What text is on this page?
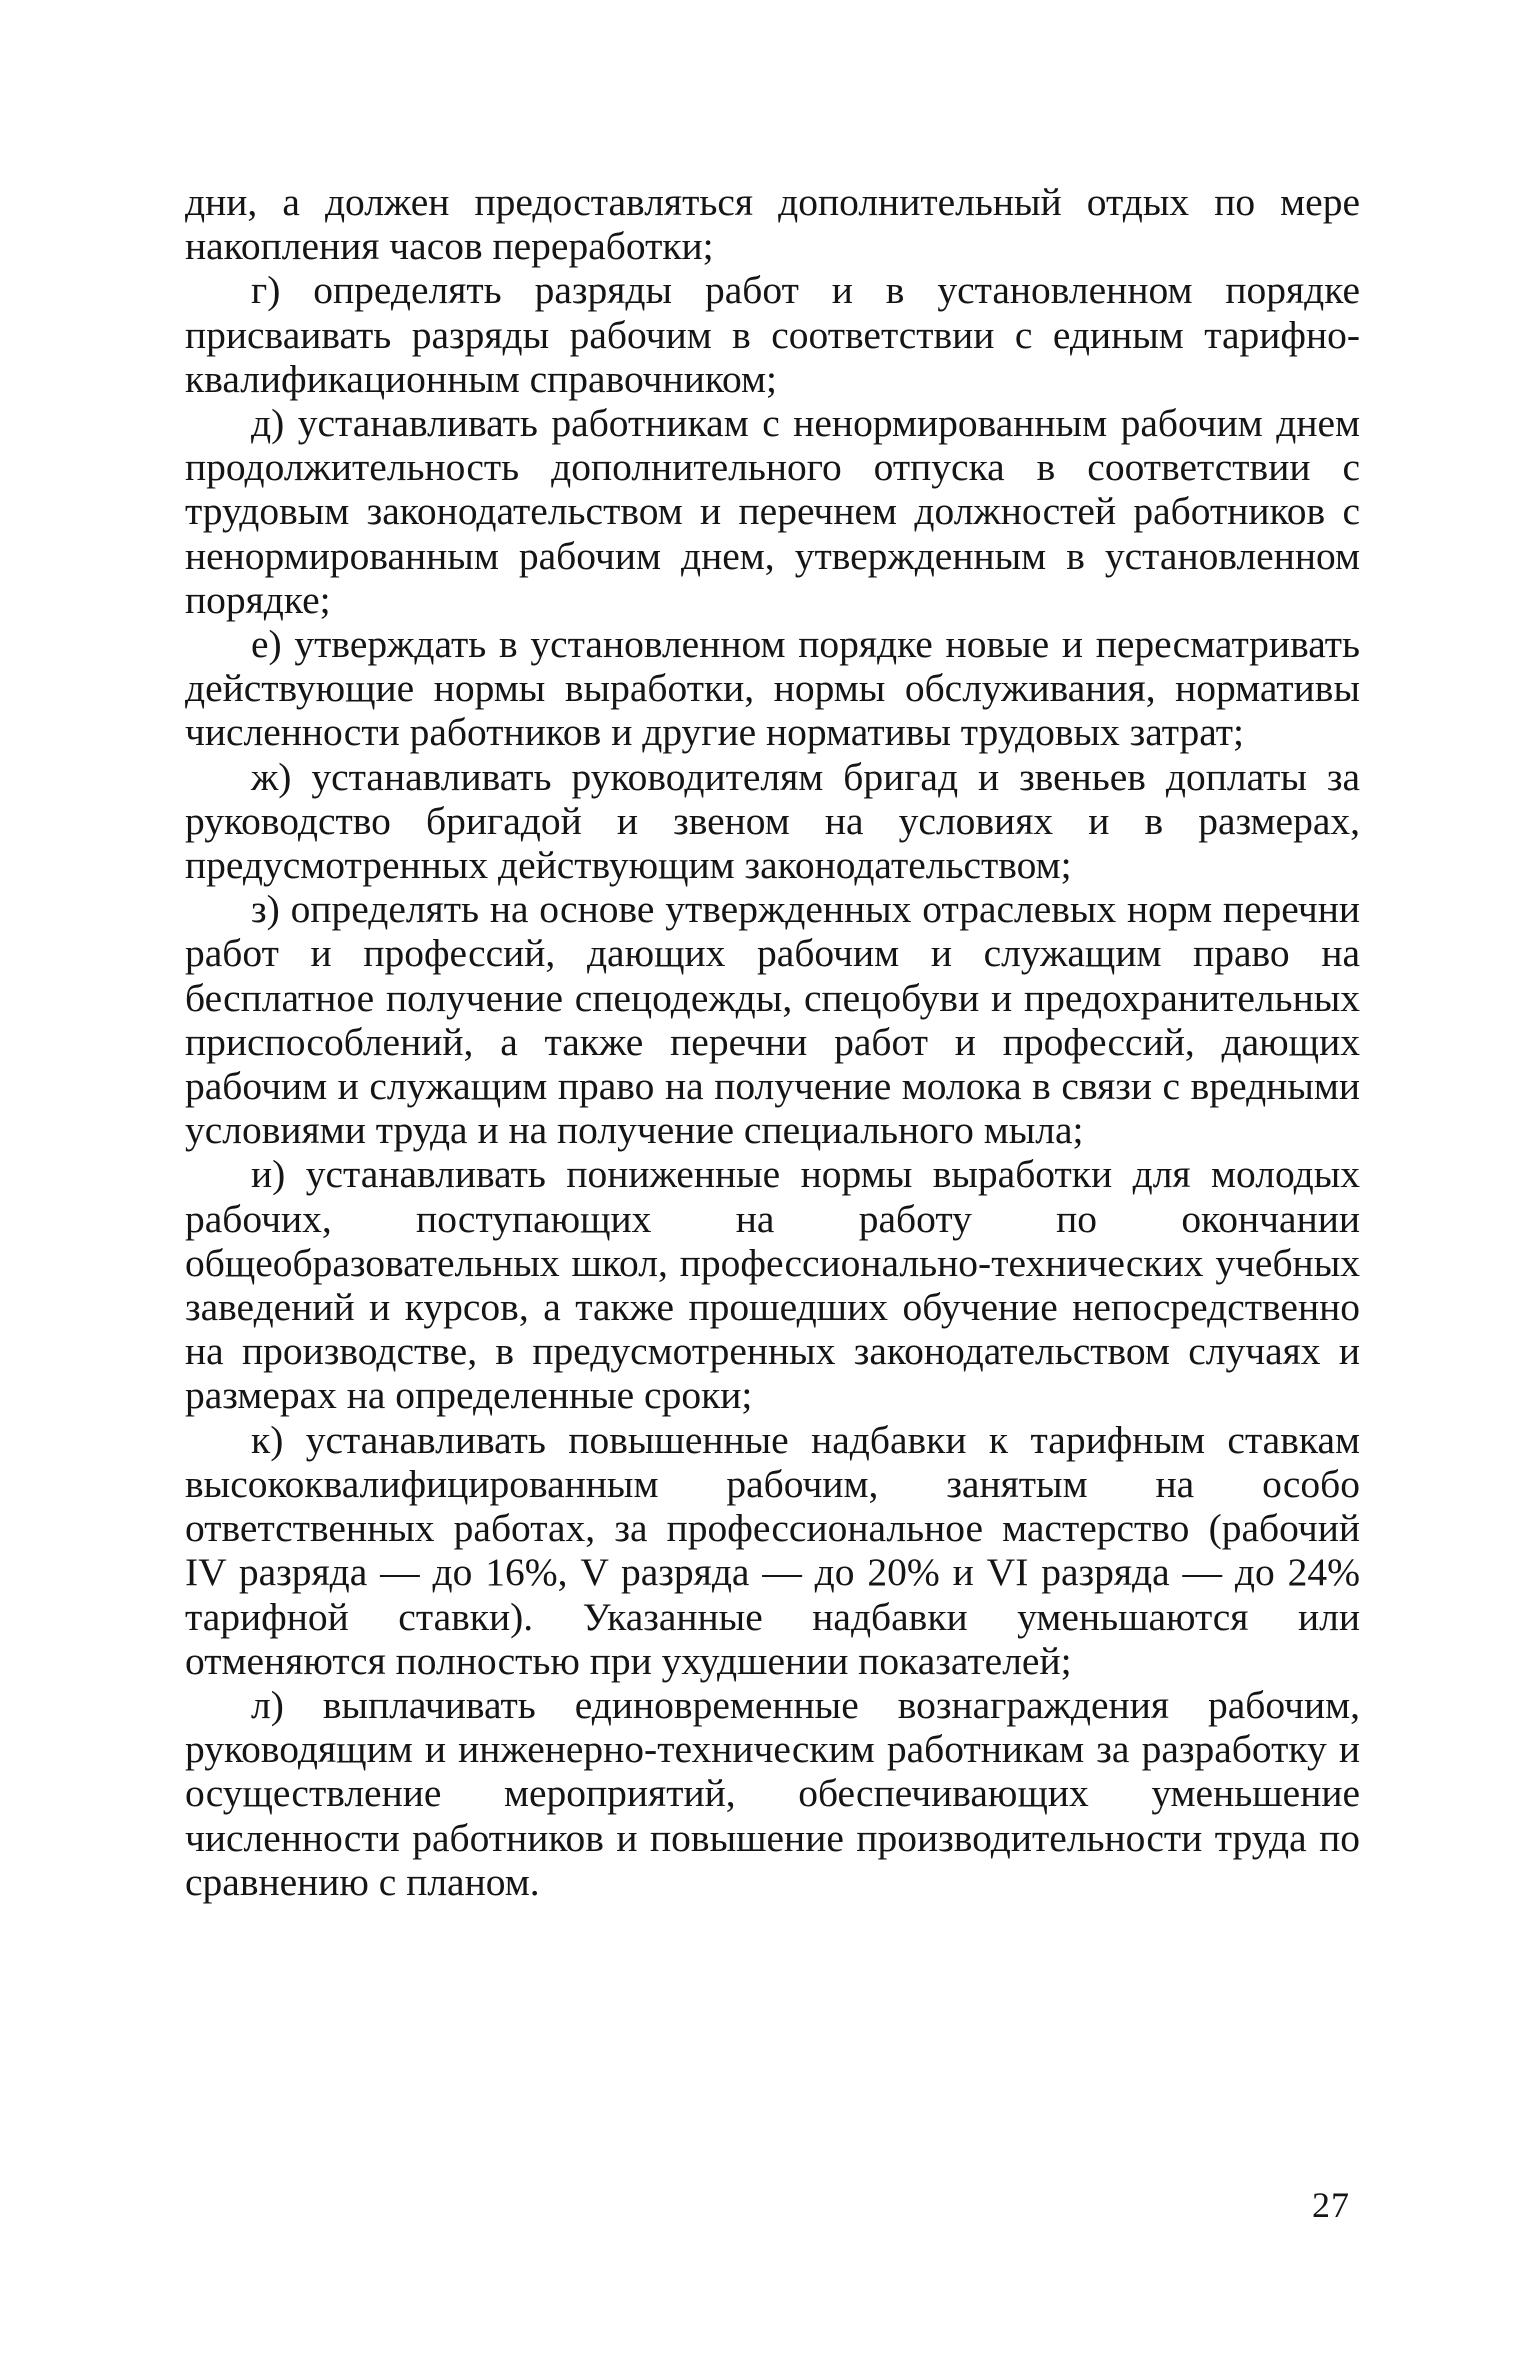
дни, а должен предоставляться дополнительный отдых по мере накопления часов переработки;

г) определять разряды работ и в установленном порядке присваивать разряды рабочим в соответствии с единым тарифно-квалификационным справочником;

д) устанавливать работникам с ненормированным рабочим днем продолжительность дополнительного отпуска в соответствии с трудовым законодательством и перечнем должностей работников с ненормированным рабочим днем, утвержденным в установленном порядке;

е) утверждать в установленном порядке новые и пересматривать действующие нормы выработки, нормы обслуживания, нормативы численности работников и другие нормативы трудовых затрат;

ж) устанавливать руководителям бригад и звеньев доплаты за руководство бригадой и звеном на условиях и в размерах, предусмотренных действующим законодательством;

з) определять на основе утвержденных отраслевых норм перечни работ и профессий, дающих рабочим и служащим право на бесплатное получение спецодежды, спецобуви и предохранительных приспособлений, а также перечни работ и профессий, дающих рабочим и служащим право на получение молока в связи с вредными условиями труда и на получение специального мыла;

и) устанавливать пониженные нормы выработки для молодых рабочих, поступающих на работу по окончании общеобразовательных школ, профессионально-технических учебных заведений и курсов, а также прошедших обучение непосредственно на производстве, в предусмотренных законодательством случаях и размерах на определенные сроки;

к) устанавливать повышенные надбавки к тарифным ставкам высококвалифицированным рабочим, занятым на особо ответственных работах, за профессиональное мастерство (рабочий IV разряда — до 16%, V разряда — до 20% и VI разряда — до 24% тарифной ставки). Указанные надбавки уменьшаются или отменяются полностью при ухудшении показателей;

л) выплачивать единовременные вознаграждения рабочим, руководящим и инженерно-техническим работникам за разработку и осуществление мероприятий, обеспечивающих уменьшение численности работников и повышение производительности труда по сравнению с планом.

27
